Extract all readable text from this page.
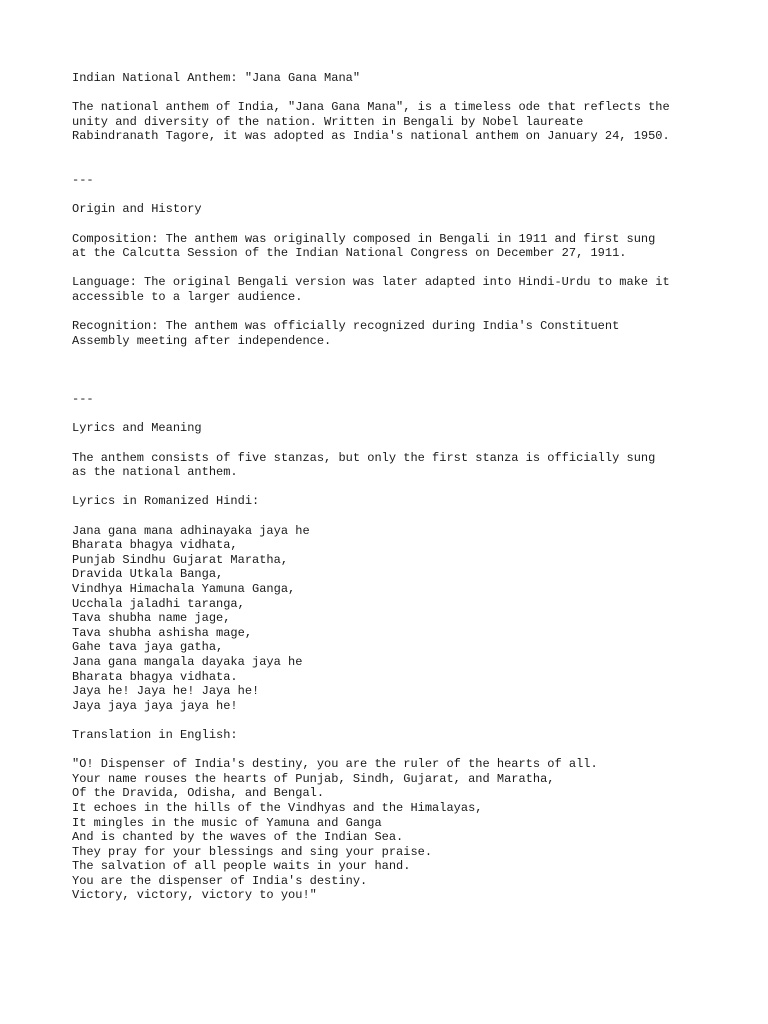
Indian National Anthem: "Jana Gana Mana"
The national anthem of India, "Jana Gana Mana", is a timeless ode that reflects the
unity and diversity of the nation. Written in Bengali by Nobel laureate
Rabindranath Tagore, it was adopted as India's national anthem on January 24, 1950.
---
Origin and History
Composition: The anthem was originally composed in Bengali in 1911 and first sung
at the Calcutta Session of the Indian National Congress on December 27, 1911.
Language: The original Bengali version was later adapted into Hindi-Urdu to make it
accessible to a larger audience.
Recognition: The anthem was officially recognized during India's Constituent
Assembly meeting after independence.
---
Lyrics and Meaning
The anthem consists of five stanzas, but only the first stanza is officially sung
as the national anthem.
Lyrics in Romanized Hindi:
Jana gana mana adhinayaka jaya he
Bharata bhagya vidhata,
Punjab Sindhu Gujarat Maratha,
Dravida Utkala Banga,
Vindhya Himachala Yamuna Ganga,
Ucchala jaladhi taranga,
Tava shubha name jage,
Tava shubha ashisha mage,
Gahe tava jaya gatha,
Jana gana mangala dayaka jaya he
Bharata bhagya vidhata.
Jaya he! Jaya he! Jaya he!
Jaya jaya jaya jaya he!
Translation in English:
"O! Dispenser of India's destiny, you are the ruler of the hearts of all.
Your name rouses the hearts of Punjab, Sindh, Gujarat, and Maratha,
Of the Dravida, Odisha, and Bengal.
It echoes in the hills of the Vindhyas and the Himalayas,
It mingles in the music of Yamuna and Ganga
And is chanted by the waves of the Indian Sea.
They pray for your blessings and sing your praise.
The salvation of all people waits in your hand.
You are the dispenser of India's destiny.
Victory, victory, victory to you!"
